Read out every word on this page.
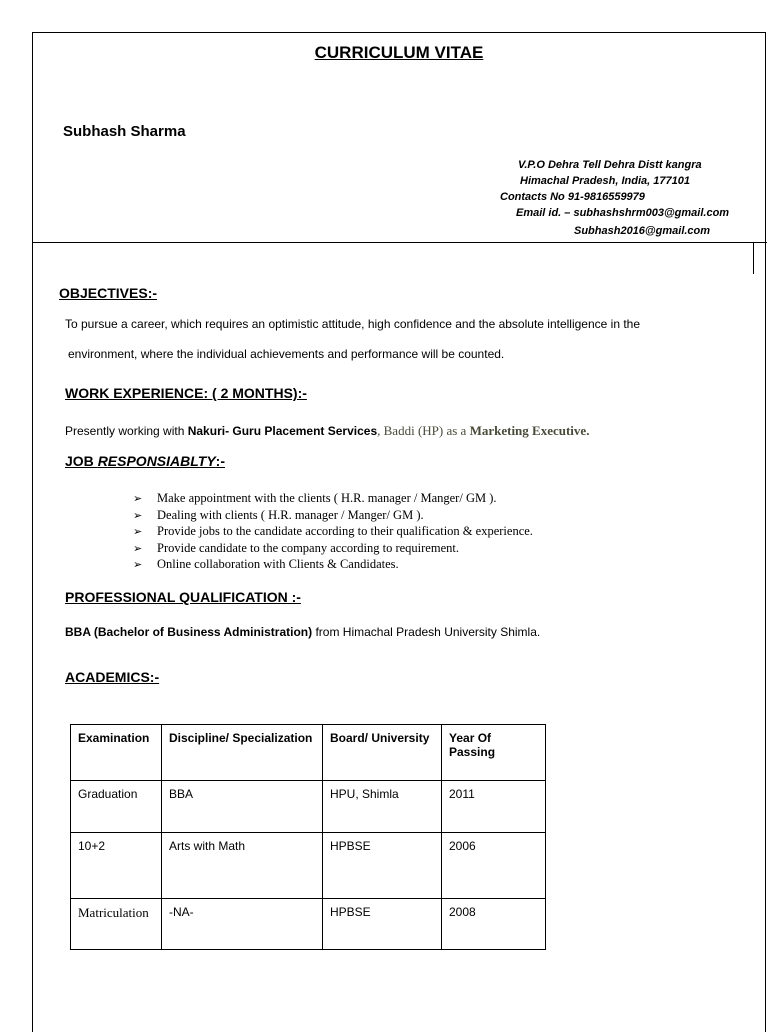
CURRICULUM VITAE
Subhash Sharma
V.P.O Dehra Tell Dehra Distt kangra
Himachal Pradesh, India, 177101
Contacts No 91-9816559979
Email id. – subhashshrm003@gmail.com
Subhash2016@gmail.com
OBJECTIVES:-
To pursue a career, which requires an optimistic attitude, high confidence and the absolute intelligence in the
environment, where the individual achievements and performance will be counted.
WORK EXPERIENCE: ( 2 MONTHS):-
Presently working with Nakuri- Guru Placement Services, Baddi (HP) as a Marketing Executive.
JOB RESPONSIABLTY:-
➢ Make appointment with the clients ( H.R. manager / Manger/ GM ).
➢ Dealing with clients ( H.R. manager / Manger/ GM ).
➢ Provide jobs to the candidate according to their qualification & experience.
➢ Provide candidate to the company according to requirement.
➢ Online collaboration with Clients & Candidates.
PROFESSIONAL QUALIFICATION :-
BBA (Bachelor of Business Administration) from Himachal Pradesh University Shimla.
ACADEMICS:-
Examination	Discipline/ Specialization	Board/ University	Year Of Passing
Graduation	BBA	HPU, Shimla	2011
10+2	Arts with Math	HPBSE	2006
Matriculation	-NA-	HPBSE	2008
